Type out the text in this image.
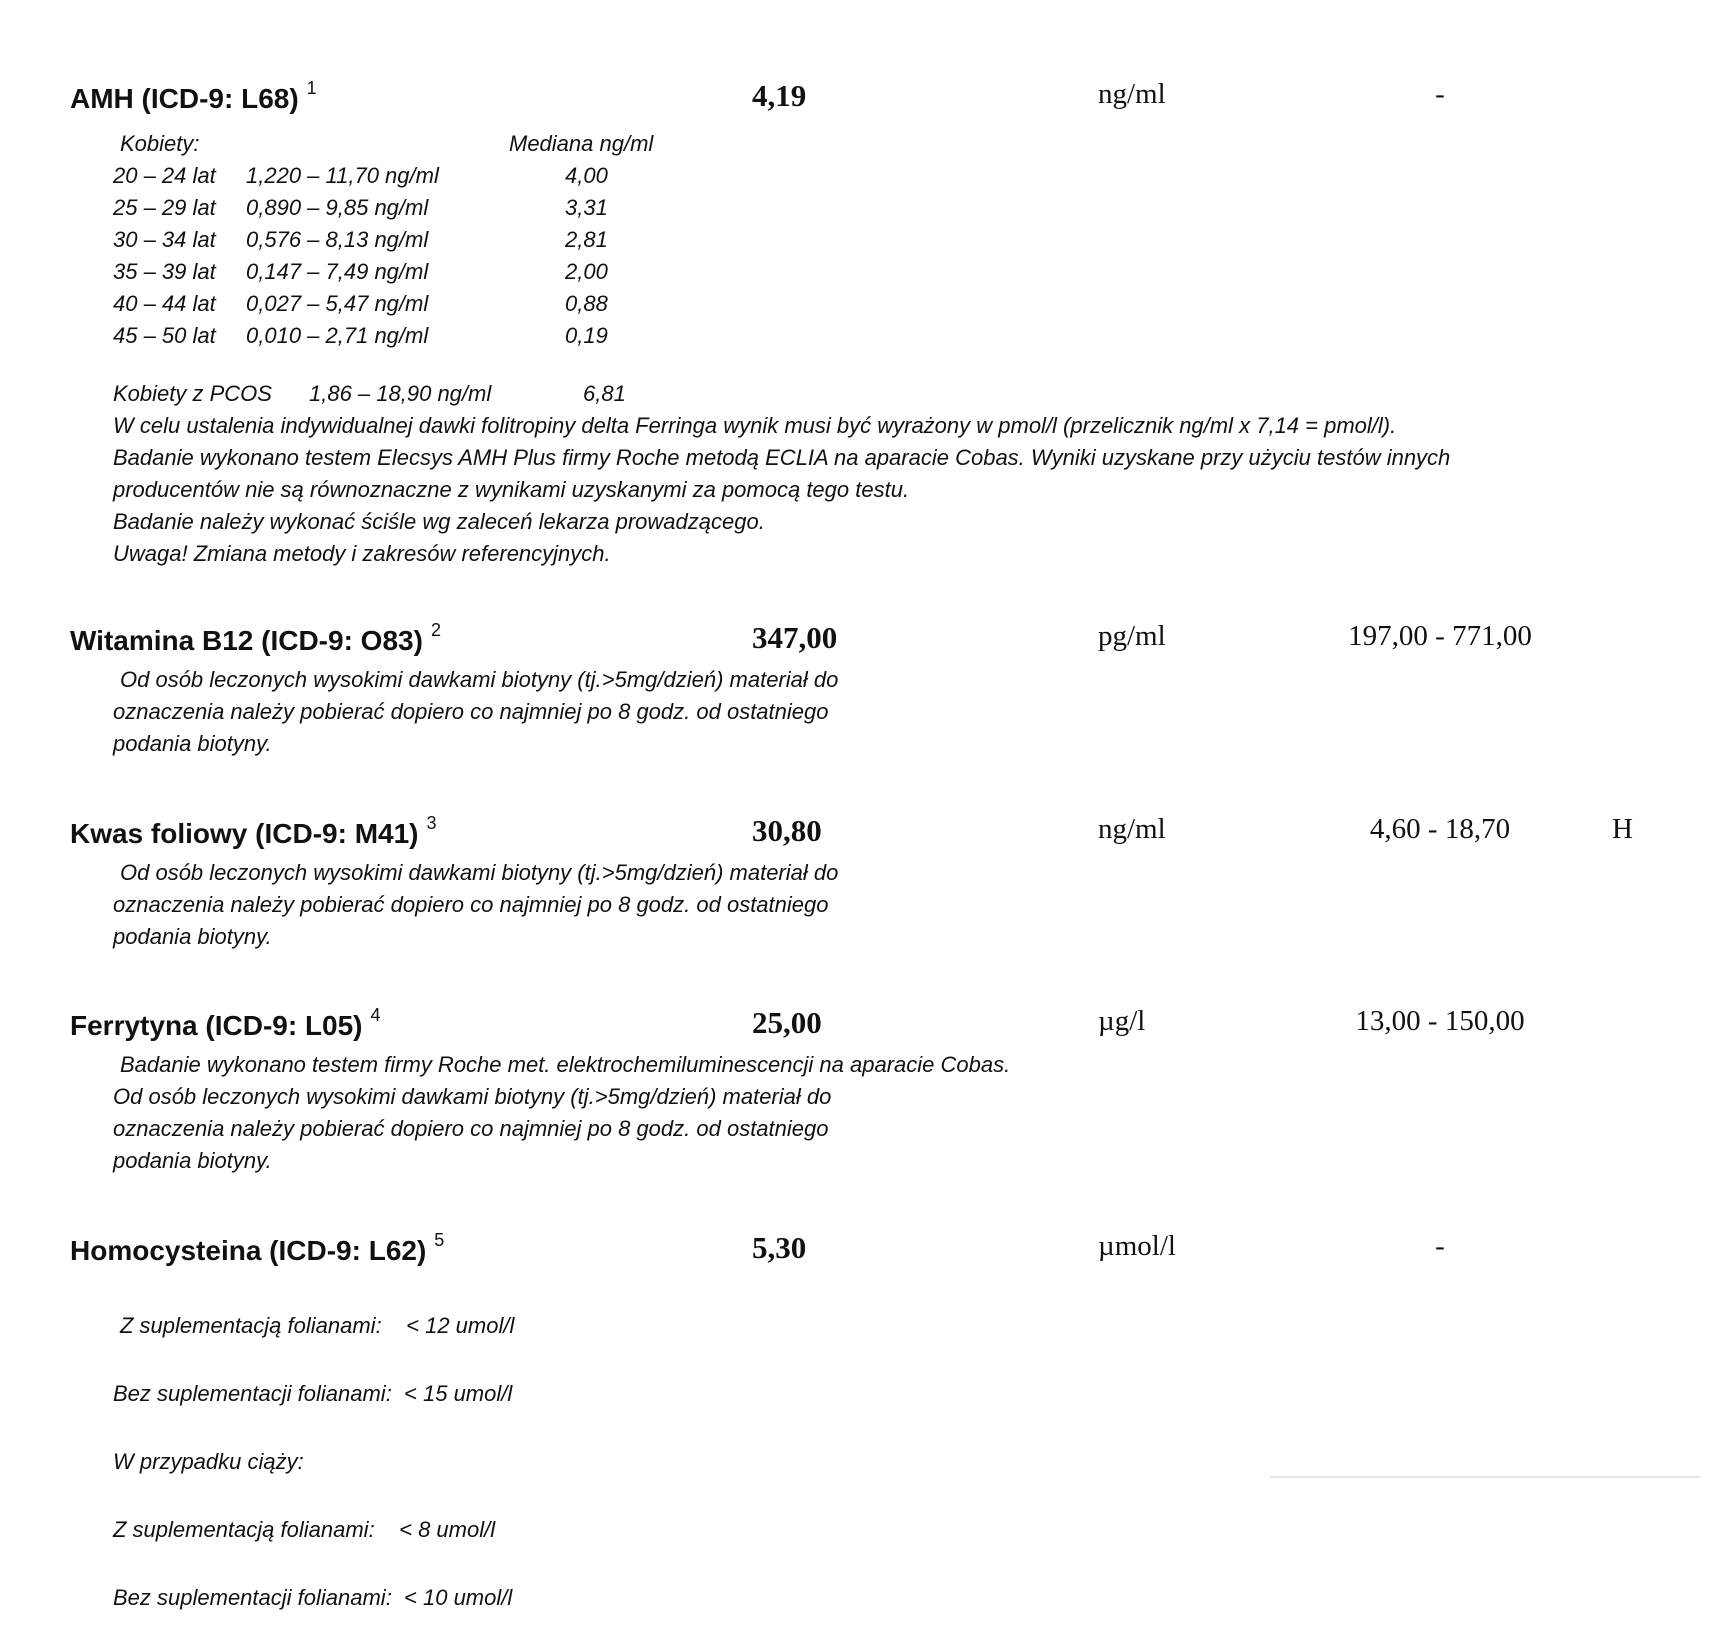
AMH (ICD-9: L68) $^1$	4,19	ng/ml	-
Kobiety:	Mediana ng/ml
20 – 24 lat 1,220 – 11,70 ng/ml	4,00
25 – 29 lat 0,890 – 9,85 ng/ml	3,31
30 – 34 lat 0,576 – 8,13 ng/ml	2,81
35 – 39 lat 0,147 – 7,49 ng/ml	2,00
40 – 44 lat 0,027 – 5,47 ng/ml	0,88
45 – 50 lat 0,010 – 2,71 ng/ml	0,19
Kobiety z PCOS 1,86 – 18,90 ng/ml	6,81
W celu ustalenia indywidualnej dawki folitropiny delta Ferringa wynik musi być wyrażony w pmol/l (przelicznik ng/ml x 7,14 = pmol/l).
Badanie wykonano testem Elecsys AMH Plus firmy Roche metodą ECLIA na aparacie Cobas. Wyniki uzyskane przy użyciu testów innych
producentów nie są równoznaczne z wynikami uzyskanymi za pomocą tego testu.
Badanie należy wykonać ściśle wg zaleceń lekarza prowadzącego.
Uwaga! Zmiana metody i zakresów referencyjnych.
Witamina B12 (ICD-9: O83) $^2$	347,00	pg/ml	197,00 - 771,00
Od osób leczonych wysokimi dawkami biotyny (tj.>5mg/dzień) materiał do
oznaczenia należy pobierać dopiero co najmniej po 8 godz. od ostatniego
podania biotyny.
Kwas foliowy (ICD-9: M41) $^3$	30,80	ng/ml	4,60 - 18,70	H
Od osób leczonych wysokimi dawkami biotyny (tj.>5mg/dzień) materiał do
oznaczenia należy pobierać dopiero co najmniej po 8 godz. od ostatniego
podania biotyny.
Ferrytyna (ICD-9: L05) $^4$	25,00	µg/l	13,00 - 150,00
Badanie wykonano testem firmy Roche met. elektrochemiluminescencji na aparacie Cobas.
Od osób leczonych wysokimi dawkami biotyny (tj.>5mg/dzień) materiał do
oznaczenia należy pobierać dopiero co najmniej po 8 godz. od ostatniego
podania biotyny.
Homocysteina (ICD-9: L62) $^5$	5,30	µmol/l	-

Z suplementacją folianami:    < 12 umol/l

Bez suplementacji folianami:  < 15 umol/l

W przypadku ciąży:

Z suplementacją folianami:    < 8 umol/l

Bez suplementacji folianami:  < 10 umol/l
